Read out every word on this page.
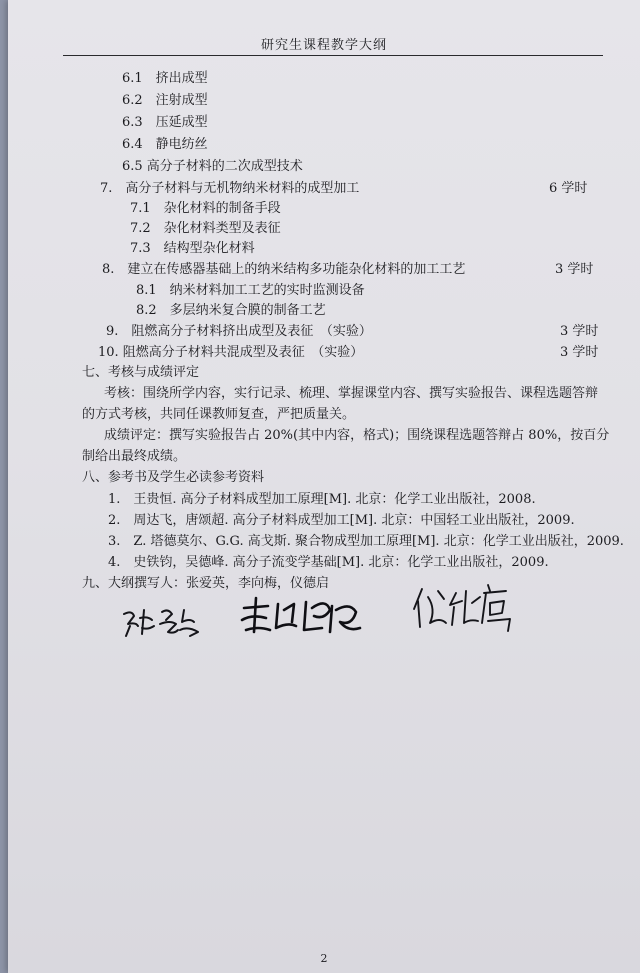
研究生课程教学大纲
6.1　挤出成型
6.2　注射成型
6.3　压延成型
6.4　静电纺丝
6.5 高分子材料的二次成型技术
7.　高分子材料与无机物纳米材料的成型加工	6 学时
7.1　杂化材料的制备手段
7.2　杂化材料类型及表征
7.3　结构型杂化材料
8.　建立在传感器基础上的纳米结构多功能杂化材料的加工工艺	3 学时
8.1　纳米材料加工工艺的实时监测设备
8.2　多层纳米复合膜的制备工艺
9.　阻燃高分子材料挤出成型及表征　（实验）	3 学时
10. 阻燃高分子材料共混成型及表征　（实验）	3 学时
七、考核与成绩评定
考核：围绕所学内容，实行记录、梳理、掌握课堂内容、撰写实验报告、课程选题答辩
的方式考核，共同任课教师复查，严把质量关。
成绩评定：撰写实验报告占 20%(其中内容，格式)；围绕课程选题答辩占 80%，按百分
制给出最终成绩。
八、参考书及学生必读参考资料
1.　王贵恒. 高分子材料成型加工原理[M]. 北京：化学工业出版社，2008.
2.　周达飞，唐颂超. 高分子材料成型加工[M]. 北京：中国轻工业出版社，2009.
3.　Z. 塔德莫尔、G.G. 高戈斯. 聚合物成型加工原理[M]. 北京：化学工业出版社，2009.
4.　史铁钧，吴德峰. 高分子流变学基础[M]. 北京：化学工业出版社，2009.
九、大纲撰写人：张爱英，李向梅，仪德启
2
